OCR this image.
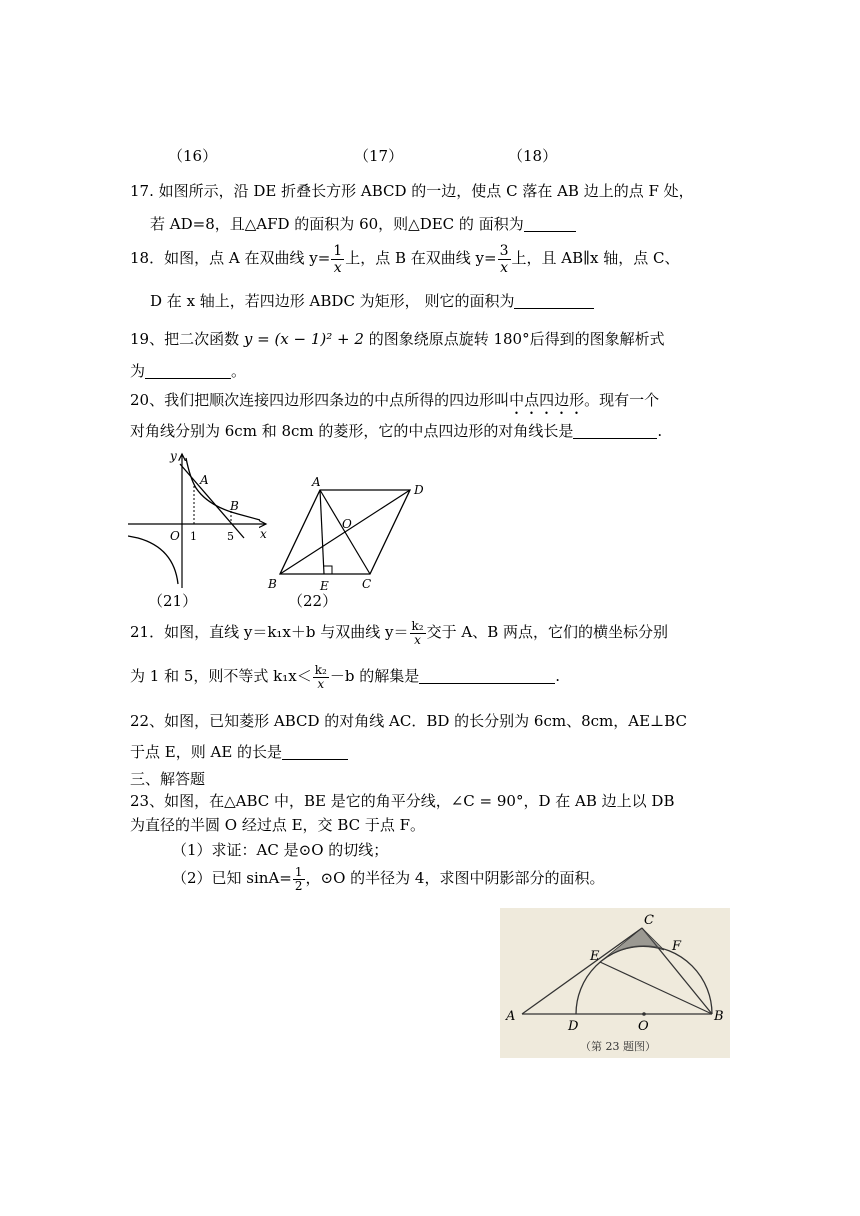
（16）	（17）	（18）
17. 如图所示，沿 DE 折叠长方形 ABCD 的一边，使点 C 落在 AB 边上的点 F 处，
若 AD=8，且△AFD 的面积为 60，则△DEC 的 面积为
18．如图，点 A 在双曲线 $y= \frac{1}{x}$ 上，点 B 在双曲线 $y= \frac{3}{x}$ 上，且 AB∥x 轴，点 C、
D 在 x 轴上，若四边形 ABDC 为矩形， 则它的面积为
19、把二次函数 y = (x − 1)² + 2 的图象绕原点旋转 180°后得到的图象解析式
为	。
20、我们把顺次连接四边形四条边的中点所得的四边形叫中点四边形。现有一个
对角线分别为 6cm 和 8cm 的菱形，它的中点四边形的对角线长是	.
y
x
O
A
B
1	5
（21）
A
D
B	E	C
O
（22）
21．如图，直线 y＝k₁x＋b 与双曲线 $y= \frac{\text{k₂}}{x}$ 交于 A、B 两点，它们的横坐标分别
为 1 和 5，则不等式 $k_1x< \frac{\text{k₂}}{x} -b$ 的解集是	.
22、如图，已知菱形 ABCD 的对角线 AC．BD 的长分别为 6cm、8cm，AE⊥BC
于点 E，则 AE 的长是
三、解答题
23、如图，在△ABC 中，BE 是它的角平分线，∠C = 90°，D 在 AB 边上以 DB
为直径的半圆 O 经过点 E，交 BC 于点 F。
（1）求证：AC 是⊙O 的切线；
（2）已知 $\sin A= \frac{1}{2}$ ，⊙O 的半径为 4，求图中阴影部分的面积。
A	B
C
D
E
F
O
（第 23 题图）
